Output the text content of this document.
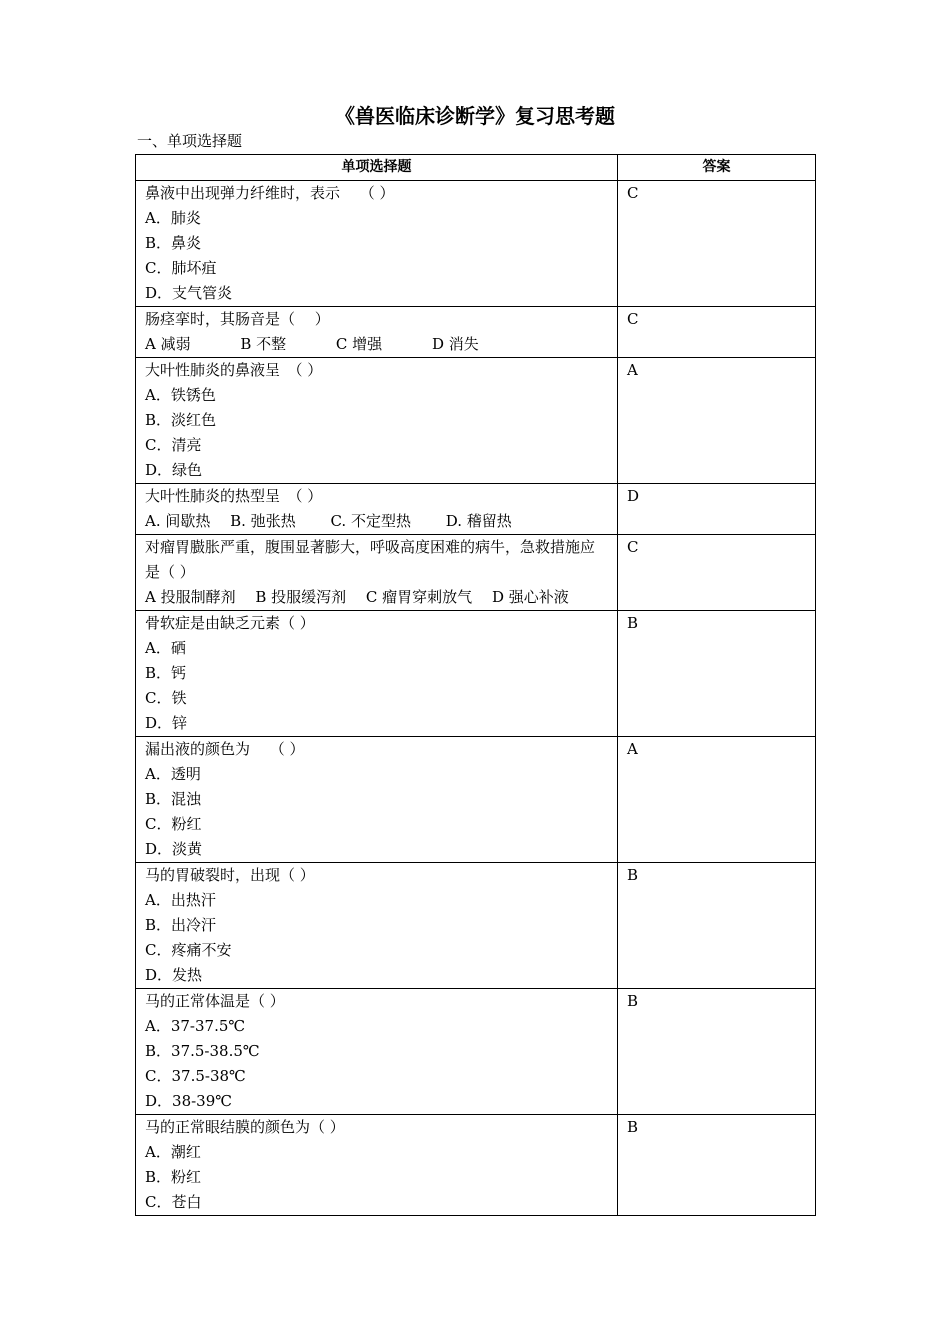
《兽医临床诊断学》复习思考题

一、单项选择题

单项选择题	答案

鼻液中出现弹力纤维时，表示　 （ ）
A．肺炎
B．鼻炎
C．肺坏疽
D．支气管炎	C

肠痉挛时，其肠音是（　 ）
A 减弱　　　 B 不整　　　 C 增强　　　 D 消失	C

大叶性肺炎的鼻液呈　（ ）
A．铁锈色
B．淡红色
C．清亮
D．绿色	A

大叶性肺炎的热型呈　（ ）
A. 间歇热　 B. 弛张热　　 C. 不定型热　　 D. 稽留热	D

对瘤胃臌胀严重，腹围显著膨大，呼吸高度困难的病牛，急救措施应是（ ）
A 投服制酵剂　 B 投服缓泻剂　 C 瘤胃穿刺放气　 D 强心补液	C

骨软症是由缺乏元素（ ）
A．硒
B．钙
C．铁
D．锌	B

漏出液的颜色为　 （ ）
A．透明
B．混浊
C．粉红
D．淡黄	A

马的胃破裂时，出现（ ）
A．出热汗
B．出冷汗
C．疼痛不安
D．发热	B

马的正常体温是（ ）
A．37-37.5℃
B．37.5-38.5℃
C．37.5-38℃
D．38-39℃	B

马的正常眼结膜的颜色为（ ）
A．潮红
B．粉红
C．苍白	B
